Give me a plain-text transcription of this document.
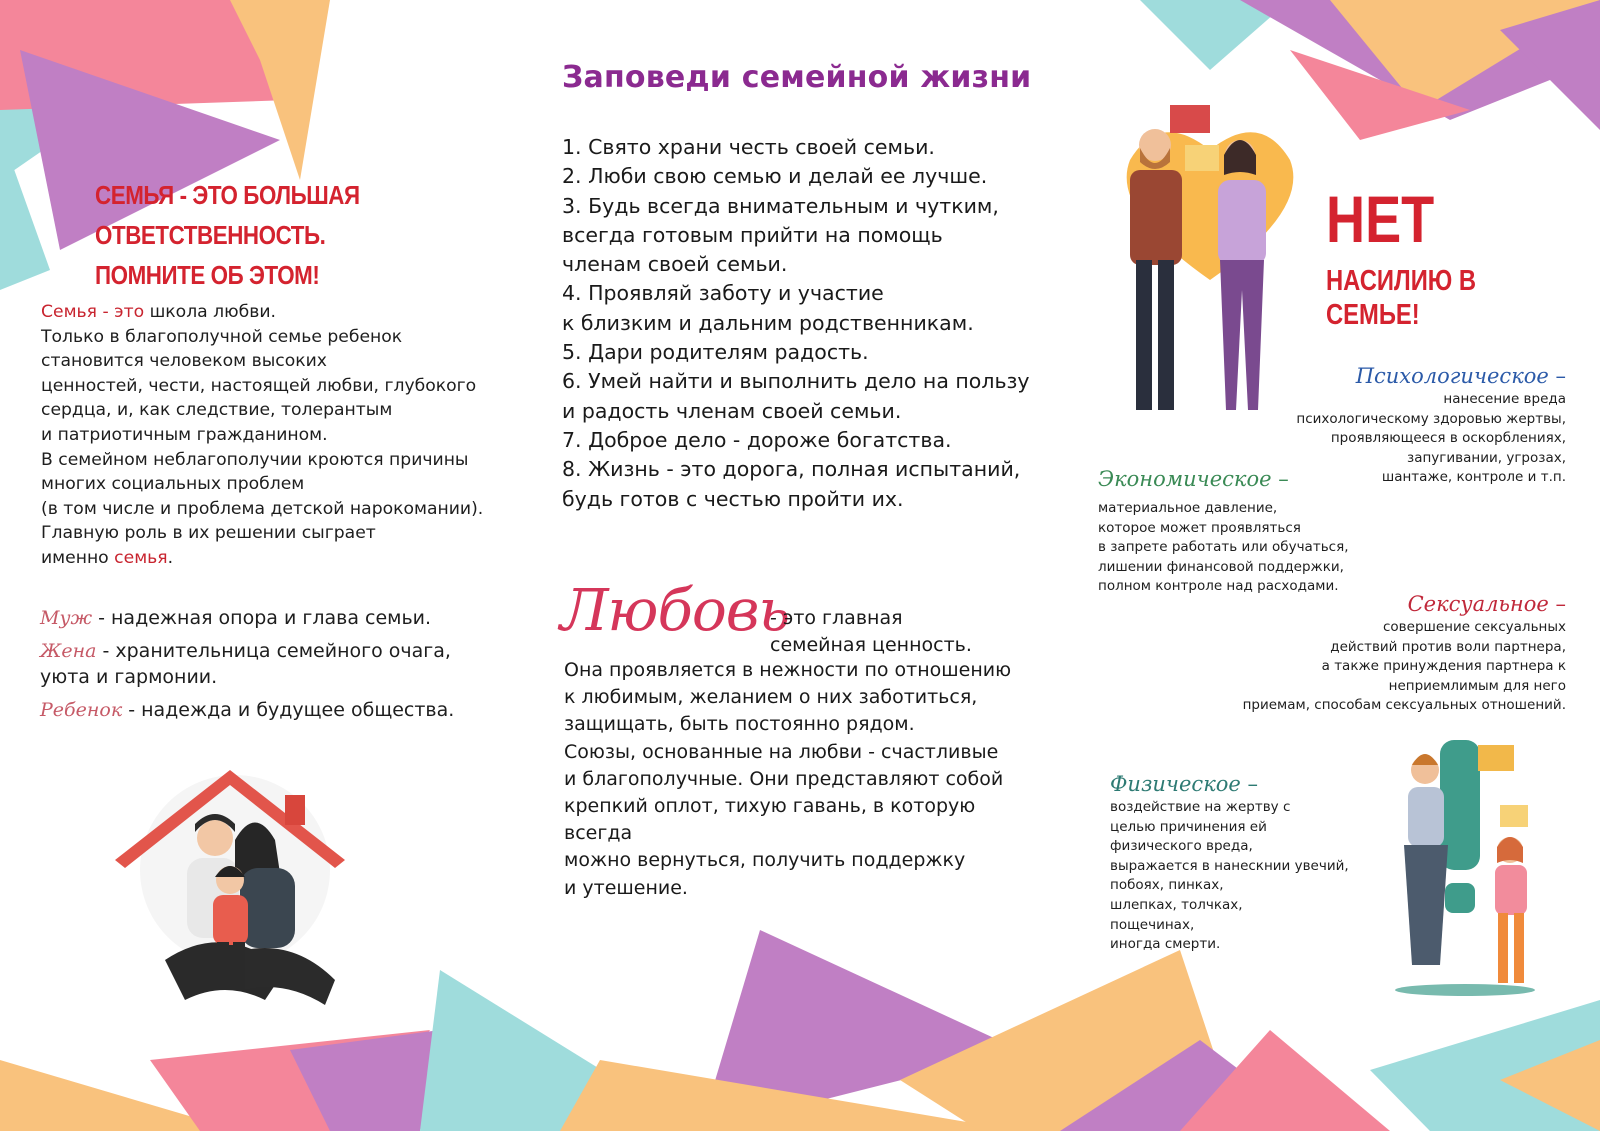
СЕМЬЯ - ЭТО БОЛЬШАЯ ОТВЕТСТВЕННОСТЬ.
ПОМНИТЕ ОБ ЭТОМ!

Семья - это школа любви.

Только в благополучной семье ребенок

становится человеком высоких

ценностей, чести, настоящей любви, глубокого

сердца, и, как следствие, толерантым

и патриотичным гражданином.

В семейном неблагополучии кроются причины

многих социальных проблем

(в том числе и проблема детской нарокомании).

Главную роль в их решении сыграет

именно семья.

Муж - надежная опора и глава семьи.
Жена - хранительница семейного очага,
уюта и гармонии.
Ребенок - надежда и будущее общества.
Заповеди семейной жизни

1. Свято храни честь своей семьи.

2. Люби свою семью и делай ее лучше.

3. Будь всегда внимательным и чутким,

всегда готовым прийти на помощь

членам своей семьи.

4. Проявляй заботу и участие

к близким и дальним родственникам.

5. Дари родителям радость.

6. Умей найти и выполнить дело на пользу

и радость членам своей семьи.

7. Доброе дело - дороже богатства.

8. Жизнь - это дорога, полная испытаний,

будь готов с честью пройти их.

Любовь
- это главная
семейная ценность.

Она проявляется в нежности по отношению

к любимым, желанием о них заботиться,

защищать, быть постоянно рядом.

Союзы, основанные на любви - счастливые

и благополучные. Они представляют собой

крепкий оплот, тихую гавань, в которую всегда

можно вернуться, получить поддержку

и утешение.

НЕТ
НАСИЛИЮ В СЕМЬЕ!
Психологическое –

нанесение вреда

психологическому здоровью жертвы,

проявляющееся в оскорблениях,

запугивании, угрозах,

шантаже, контроле и т.п.

Экономическое –

материальное давление,

которое может проявляться

в запрете работать или обучаться,

лишении финансовой поддержки,

полном контроле над расходами.

Сексуальное –

совершение сексуальных

действий против воли партнера,

а также принуждения партнера к

неприемлимым для него

приемам, способам сексуальных отношений.

Физическое –

воздействие на жертву с

целью причинения ей

физического вреда,

выражается в нанескнии увечий,

побоях, пинках,

шлепках, толчках,

пощечинах,

иногда смерти.
